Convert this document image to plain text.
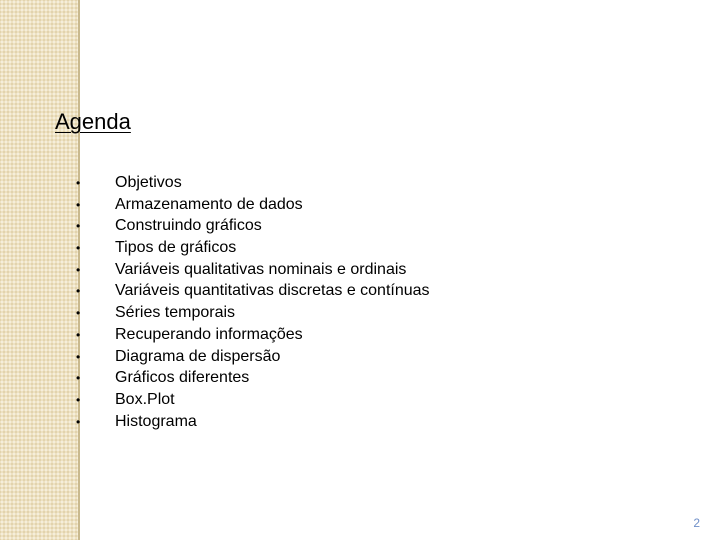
Agenda
•	Objetivos
•	Armazenamento de dados
•	Construindo gráficos
•	Tipos de gráficos
•	Variáveis qualitativas nominais e ordinais
•	Variáveis quantitativas discretas e contínuas
•	Séries temporais
•	Recuperando informações
•	Diagrama de dispersão
•	Gráficos diferentes
•	Box.Plot
•	Histograma
2
